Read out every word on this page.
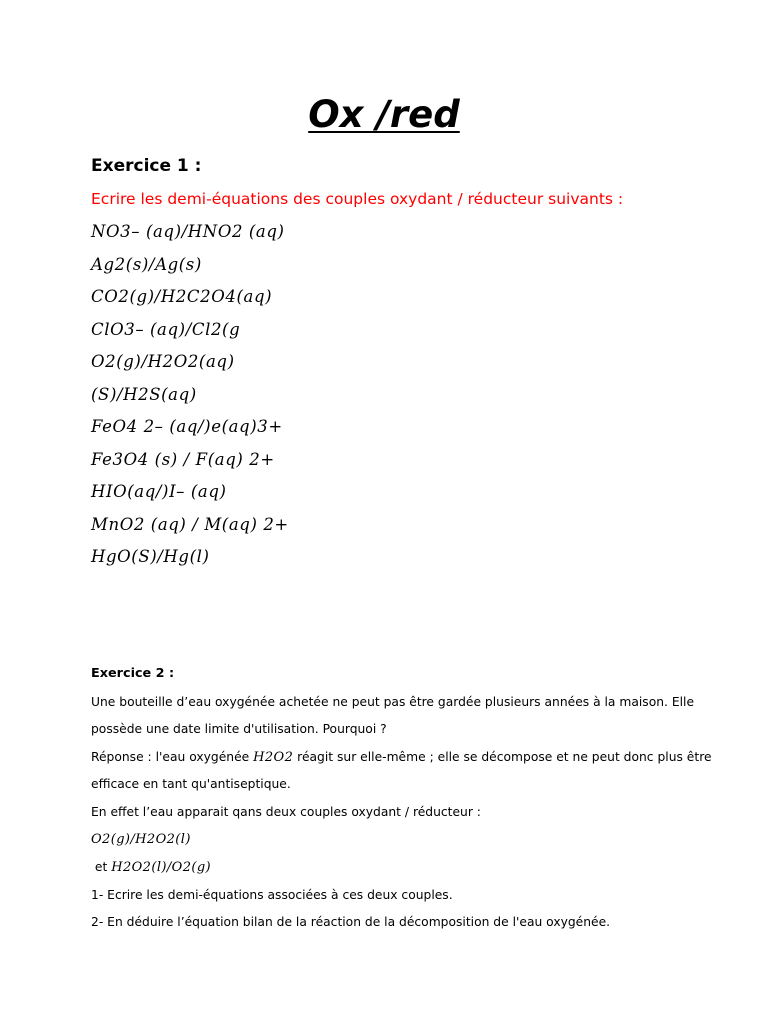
Ox /red
Exercice 1 :

Ecrire les demi-équations des couples oxydant / réducteur suivants :

NO3– (aq)/HNO2 (aq)
Ag2(s)/Ag(s)
CO2(g)/H2C2O4(aq)
ClO3– (aq)/Cl2(g
O2(g)/H2O2(aq)
(S)/H2S(aq)
FeO4 2– (aq/)e(aq)3+
Fe3O4 (s) / F(aq) 2+
HIO(aq/)I– (aq)
MnO2 (aq) / M(aq) 2+
HgO(S)/Hg(l)
Exercice 2 :
Une bouteille d’eau oxygénée achetée ne peut pas être gardée plusieurs années à la maison. Elle
possède une date limite d'utilisation. Pourquoi ?
Réponse : l'eau oxygénée H2O2 réagit sur elle-même ; elle se décompose et ne peut donc plus être
efficace en tant qu'antiseptique.
En effet l’eau apparait qans deux couples oxydant / réducteur :
O2(g)/H2O2(l)
et H2O2(l)/O2(g)
1- Ecrire les demi-équations associées à ces deux couples.
2- En déduire l’équation bilan de la réaction de la décomposition de l'eau oxygénée.
